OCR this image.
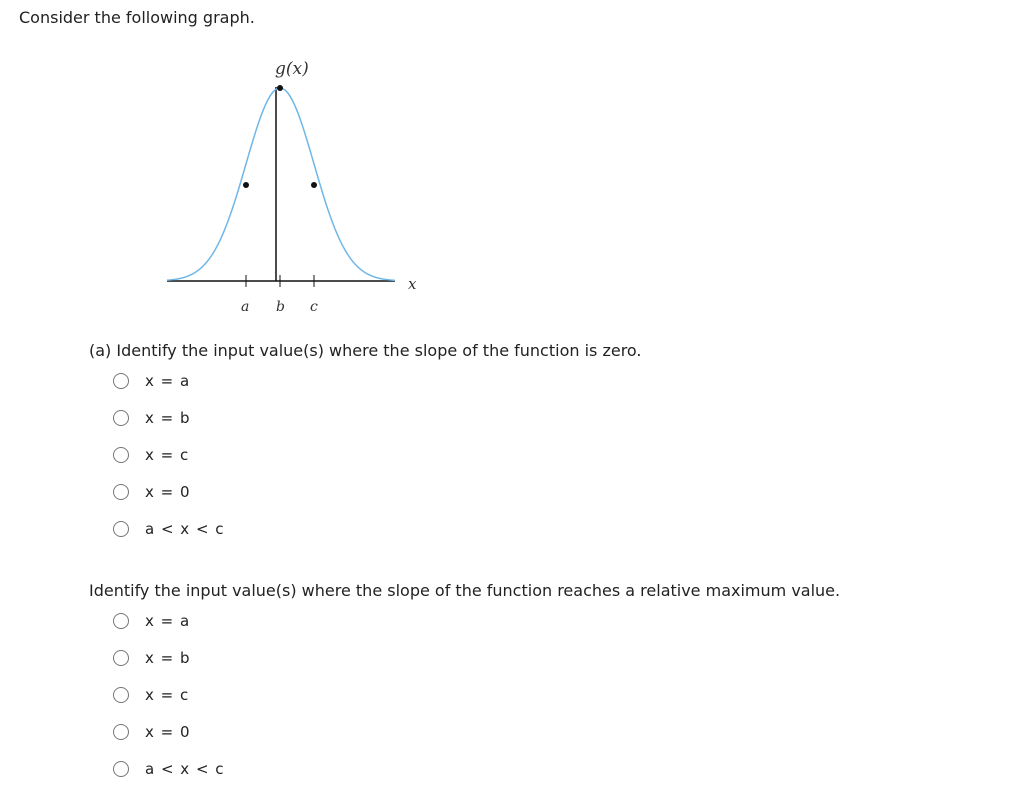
Consider the following graph.

g(x)
a b c
x

(a) Identify the input value(s) where the slope of the function is zero.

x = a
x = b
x = c
x = 0
a < x < c

Identify the input value(s) where the slope of the function reaches a relative maximum value.

x = a
x = b
x = c
x = 0
a < x < c
